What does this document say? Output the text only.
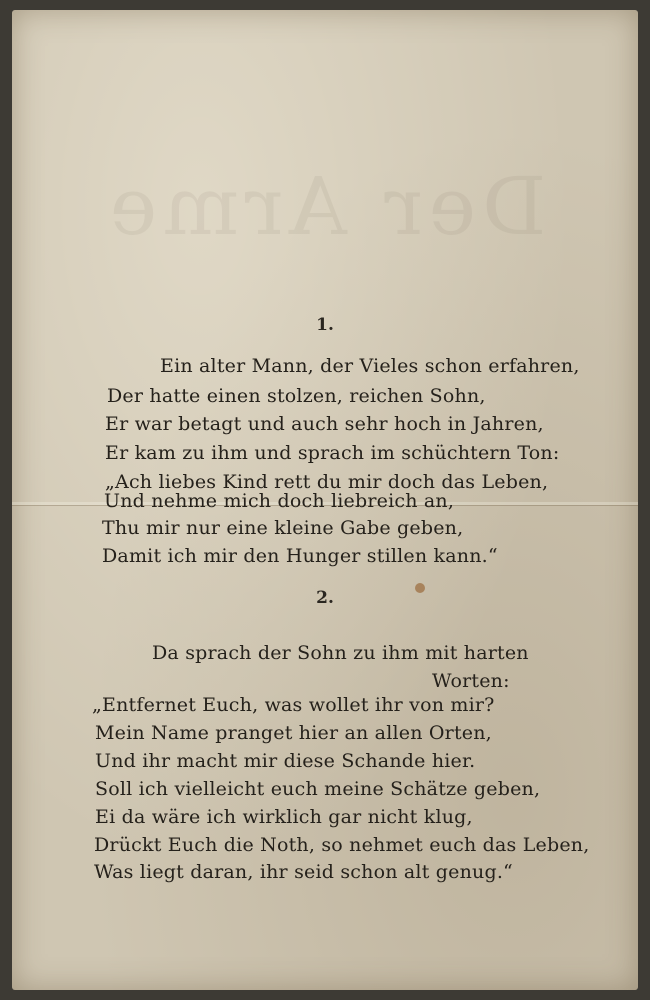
Der Arme
1.
Ein alter Mann, der Vieles schon erfahren,
Der hatte einen stolzen, reichen Sohn,
Er war betagt und auch sehr hoch in Jahren,
Er kam zu ihm und sprach im schüchtern Ton:
„Ach liebes Kind rett du mir doch das Leben,
Und nehme mich doch liebreich an,
Thu mir nur eine kleine Gabe geben,
Damit ich mir den Hunger stillen kann.“
2.
Da sprach der Sohn zu ihm mit harten
Worten:
„Entfernet Euch, was wollet ihr von mir?
Mein Name pranget hier an allen Orten,
Und ihr macht mir diese Schande hier.
Soll ich vielleicht euch meine Schätze geben,
Ei da wäre ich wirklich gar nicht klug,
Drückt Euch die Noth, so nehmet euch das Leben,
Was liegt daran, ihr seid schon alt genug.“
